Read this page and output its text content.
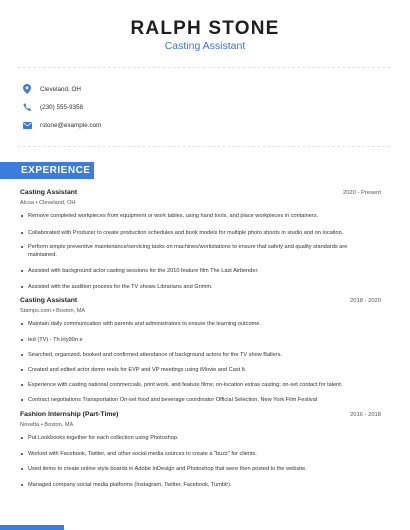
RALPH STONE
Casting Assistant
Cleveland, OH
(230) 555-9358
rstone@example.com
EXPERIENCE
Casting Assistant	2020 - Present
Alcoa • Cleveland, OH
Remove completed workpieces from equipment or work tables, using hand tools, and place workpieces in containers.
Collaborated with Producer to create production schedules and book models for multiple photo shoots in studio and on location.
Perform simple preventive maintenance/servicing tasks on machines/workstations to ensure that safety and quality standards are maintained.
Assisted with background actor casting sessions for the 2010 feature film The Last Airbender.
Assisted with the audition process for the TV shows Librarians and Grimm.
Casting Assistant	2018 - 2020
Stamps.com • Boston, MA
Maintain daily communication with parents and administrators to ensure the learning outcome.
ted (TV) - Th irty90n e
Searched, organized, booked and confirmed attendance of background actors for the TV show Ballers.
Created and edited actor demo reels for EVP and VP meetings using iMovie and Cast It.
Experience with casting national commercials, print work, and feature films; on-location extras casting; on-set contact for talent.
Contract negotiations Transportation On-set food and beverage coordinator Official Selection, New York Film Festival
Fashion Internship (Part-Time)	2016 - 2018
Novetta • Boston, MA
Put Lookbooks together for each collection using Photoshop.
Worked with Facebook, Twitter, and other social media sources to create a "buzz" for clients.
Used items to create online style boards in Adobe InDesign and Photoshop that were then posted to the website.
Managed company social media platforms (Instagram, Twitter, Facebook, Tumblr).
